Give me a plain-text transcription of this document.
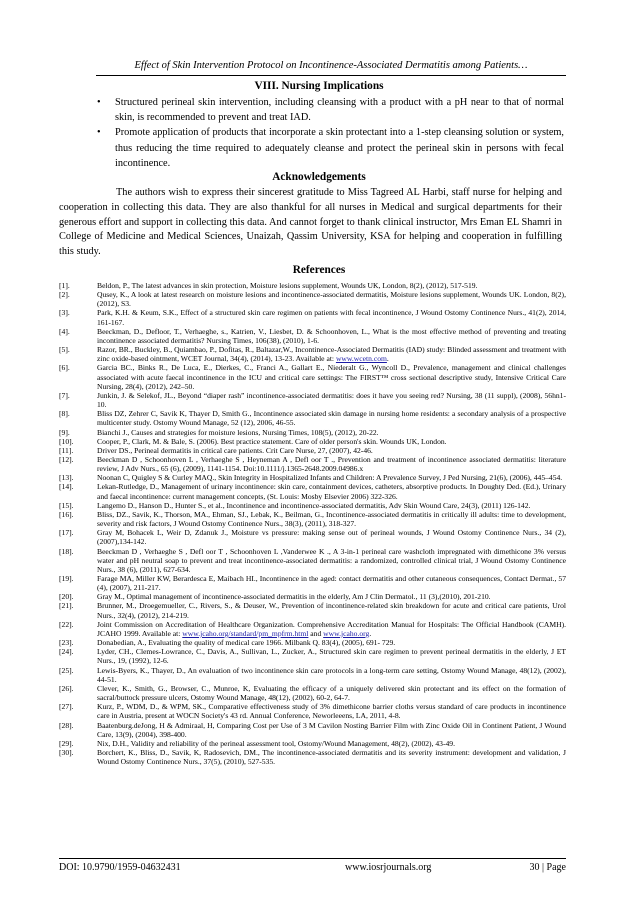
Effect of Skin Intervention Protocol on Incontinence-Associated Dermatitis among Patients…
VIII. Nursing Implications
• Structured perineal skin intervention, including cleansing with a product with a pH near to that of normal skin, is recommended to prevent and treat IAD.
• Promote application of products that incorporate a skin protectant into a 1-step cleansing solution or system, thus reducing the time required to adequately cleanse and protect the perineal skin in persons with fecal incontinence.
Acknowledgements
The authors wish to express their sincerest gratitude to Miss Tagreed AL Harbi, staff nurse for helping and cooperation in collecting this data. They are also thankful for all nurses in Medical and surgical departments for their generous effort and support in collecting this data. And cannot forget to thank clinical instructor, Mrs Eman EL Shamri in College of Medicine and Medical Sciences, Unaizah, Qassim University, KSA for helping and cooperation in fulfilling this study.
References
[1].	Beldon, P., The latest advances in skin protection, Moisture lesions supplement, Wounds UK, London, 8(2), (2012), 517-519.
[2].	Qusey, K., A look at latest research on moisture lesions and incontinence-associated dermatitis, Moisture lesions supplement, Wounds UK. London, 8(2), (2012), S3.
[3].	Park, K.H. & Keum, S.K., Effect of a structured skin care regimen on patients with fecal incontinence, J Wound Ostomy Continence Nurs., 41(2), 2014, 161-167.
[4].	Beeckman, D., Defloor, T., Verhaeghe, s., Katrien, V., Liesbet, D. & Schoonhoven, L., What is the most effective method of preventing and treating incontinence associated dermatitis? Nursing Times, 106(38), (2010), 1-6.
[5].	Razor, BR., Buckley, B., Quiambao, P., Dofitas, R., Baltazar,W., Incontinence-Associated Dermatitis (IAD) study: Blinded assessment and treatment with zinc oxide-based ointment, WCET Journal, 34(4), (2014), 13-23. Available at: www.wcetn.com.
[6].	Garcia BC., Binks R., De Luca, E., Dierkes, C., Franci A., Gallart E., Niederalt G., Wyncoll D., Prevalence, management and clinical challenges associated with acute faecal incontinence in the ICU and critical care settings: The FIRST™ cross sectional descriptive study, Intensive Critical Care Nursing, 28(4), (2012), 242–50.
[7].	Junkin, J. & Selekof, JL., Beyond “diaper rash” incontinence-associated dermatitis: does it have you seeing red? Nursing, 38 (11 suppl), (2008), 56hn1-10.
[8].	Bliss DZ, Zehrer C, Savik K, Thayer D, Smith G., Incontinence associated skin damage in nursing home residents: a secondary analysis of a prospective multicenter study. Ostomy Wound Manage, 52 (12), 2006, 46-55.
[9].	Bianchi J., Causes and strategies for moisture lesions, Nursing Times, 108(5), (2012), 20-22.
[10].	Cooper, P., Clark, M. & Bale, S. (2006). Best practice statement. Care of older person's skin. Wounds UK, London.
[11].	Driver DS., Perineal dermatitis in critical care patients. Crit Care Nurse, 27, (2007), 42-46.
[12].	Beeckman D , Schoonhoven L , Verhaeghe S , Heyneman A , Defl oor T ., Prevention and treatment of incontinence associated dermatitis: literature review, J Adv Nurs., 65 (6), (2009), 1141-1154. Doi:10.1111/j.1365-2648.2009.04986.x
[13].	Noonan C, Quigley S & Curley MAQ., Skin Integrity in Hospitalized Infants and Children: A Prevalence Survey, J Ped Nursing, 21(6), (2006), 445–454.
[14].	Lekan-Rutledge, D., Management of urinary incontinence: skin care, containment devices, catheters, absorptive products. In Doughty Ded. (Ed.), Urinary and faecal incontinence: current management concepts, (St. Louis: Mosby Elsevier 2006) 322-326.
[15].	Langemo D., Hanson D., Hunter S., et al., Incontinence and incontinence-associated dermatitis, Adv Skin Wound Care, 24(3), (2011) 126-142.
[16].	Bliss, DZ., Savik, K., Thorson, MA., Ehman, SJ., Lebak, K., Beilman, G., Incontinence-associated dermatitis in critically ill adults: time to development, severity and risk factors, J Wound Ostomy Continence Nurs., 38(3), (2011), 318-327.
[17].	Gray M, Bohacek L, Weir D, Zdanuk J., Moisture vs pressure: making sense out of perineal wounds, J Wound Ostomy Continence Nurs., 34 (2), (2007),134-142.
[18].	Beeckman D , Verhaeghe S , Defl oor T , Schoonhoven L ,Vanderwee K ., A 3-in-1 perineal care washcloth impregnated with dimethicone 3% versus water and pH neutral soap to prevent and treat incontinence-associated dermatitis: a randomized, controlled clinical trial, J Wound Ostomy Continence Nurs., 38 (6), (2011), 627-634.
[19].	Farage MA, Miller KW, Berardesca E, Maibach HI., Incontinence in the aged: contact dermatitis and other cutaneous consequences, Contact Dermat., 57 (4), (2007), 211-217.
[20].	Gray M., Optimal management of incontinence-associated dermatitis in the elderly, Am J Clin Dermatol., 11 (3),(2010), 201-210.
[21].	Brunner, M., Droegemueller, C., Rivers, S., & Deuser, W., Prevention of incontinence-related skin breakdown for acute and critical care patients, Urol Nurs., 32(4), (2012), 214-219.
[22].	Joint Commission on Accreditation of Healthcare Organization. Comprehensive Accreditation Manual for Hospitals: The Official Handbook (CAMH). JCAHO 1999. Available at: www.jcaho.org/standard/pm_mpfrm.html and www.jcaho.org.
[23].	Donabedian, A., Evaluating the quality of medical care 1966. Milbank Q. 83(4), (2005), 691- 729.
[24].	Lyder, CH., Clemes-Lowrance, C., Davis, A., Sullivan, L., Zucker, A., Structured skin care regimen to prevent perineal dermatitis in the elderly, J ET Nurs., 19, (1992), 12-6.
[25].	Lewis-Byers, K., Thayer, D., An evaluation of two incontinence skin care protocols in a long-term care setting, Ostomy Wound Manage, 48(12), (2002), 44-51.
[26].	Clever, K., Smith, G., Browser, C., Munroe, K, Evaluating the efficacy of a uniquely delivered skin protectant and its effect on the formation of sacral/buttock pressure ulcers, Ostomy Wound Manage, 48(12), (2002), 60-2, 64-7.
[27].	Kurz, P., WDM, D., & WPM, SK., Comparative effectiveness study of 3% dimethicone barrier cloths versus standard of care products in incontinence care in Austria, present at WOCN Society's 43 rd. Annual Conference, Neworleeens, LA, 2011, 4-8.
[28].	Baatenburg.deJong, H & Admiraal, H, Comparing Cost per Use of 3 M Cavilon Nosting Barrier Film with Zinc Oxide Oil in Continent Patient, J Wound Care, 13(9), (2004), 398-400.
[29].	Nix, D.H., Validity and reliability of the perineal assessment tool, Ostomy/Wound Management, 48(2), (2002), 43-49.
[30].	Borchert, K., Bliss, D., Savik, K, Radosevich, DM., The incontinence-associated dermatitis and its severity instrument: development and validation, J Wound Ostomy Continence Nurs., 37(5), (2010), 527-535.
DOI: 10.9790/1959-04632431	www.iosrjournals.org	30 | Page
